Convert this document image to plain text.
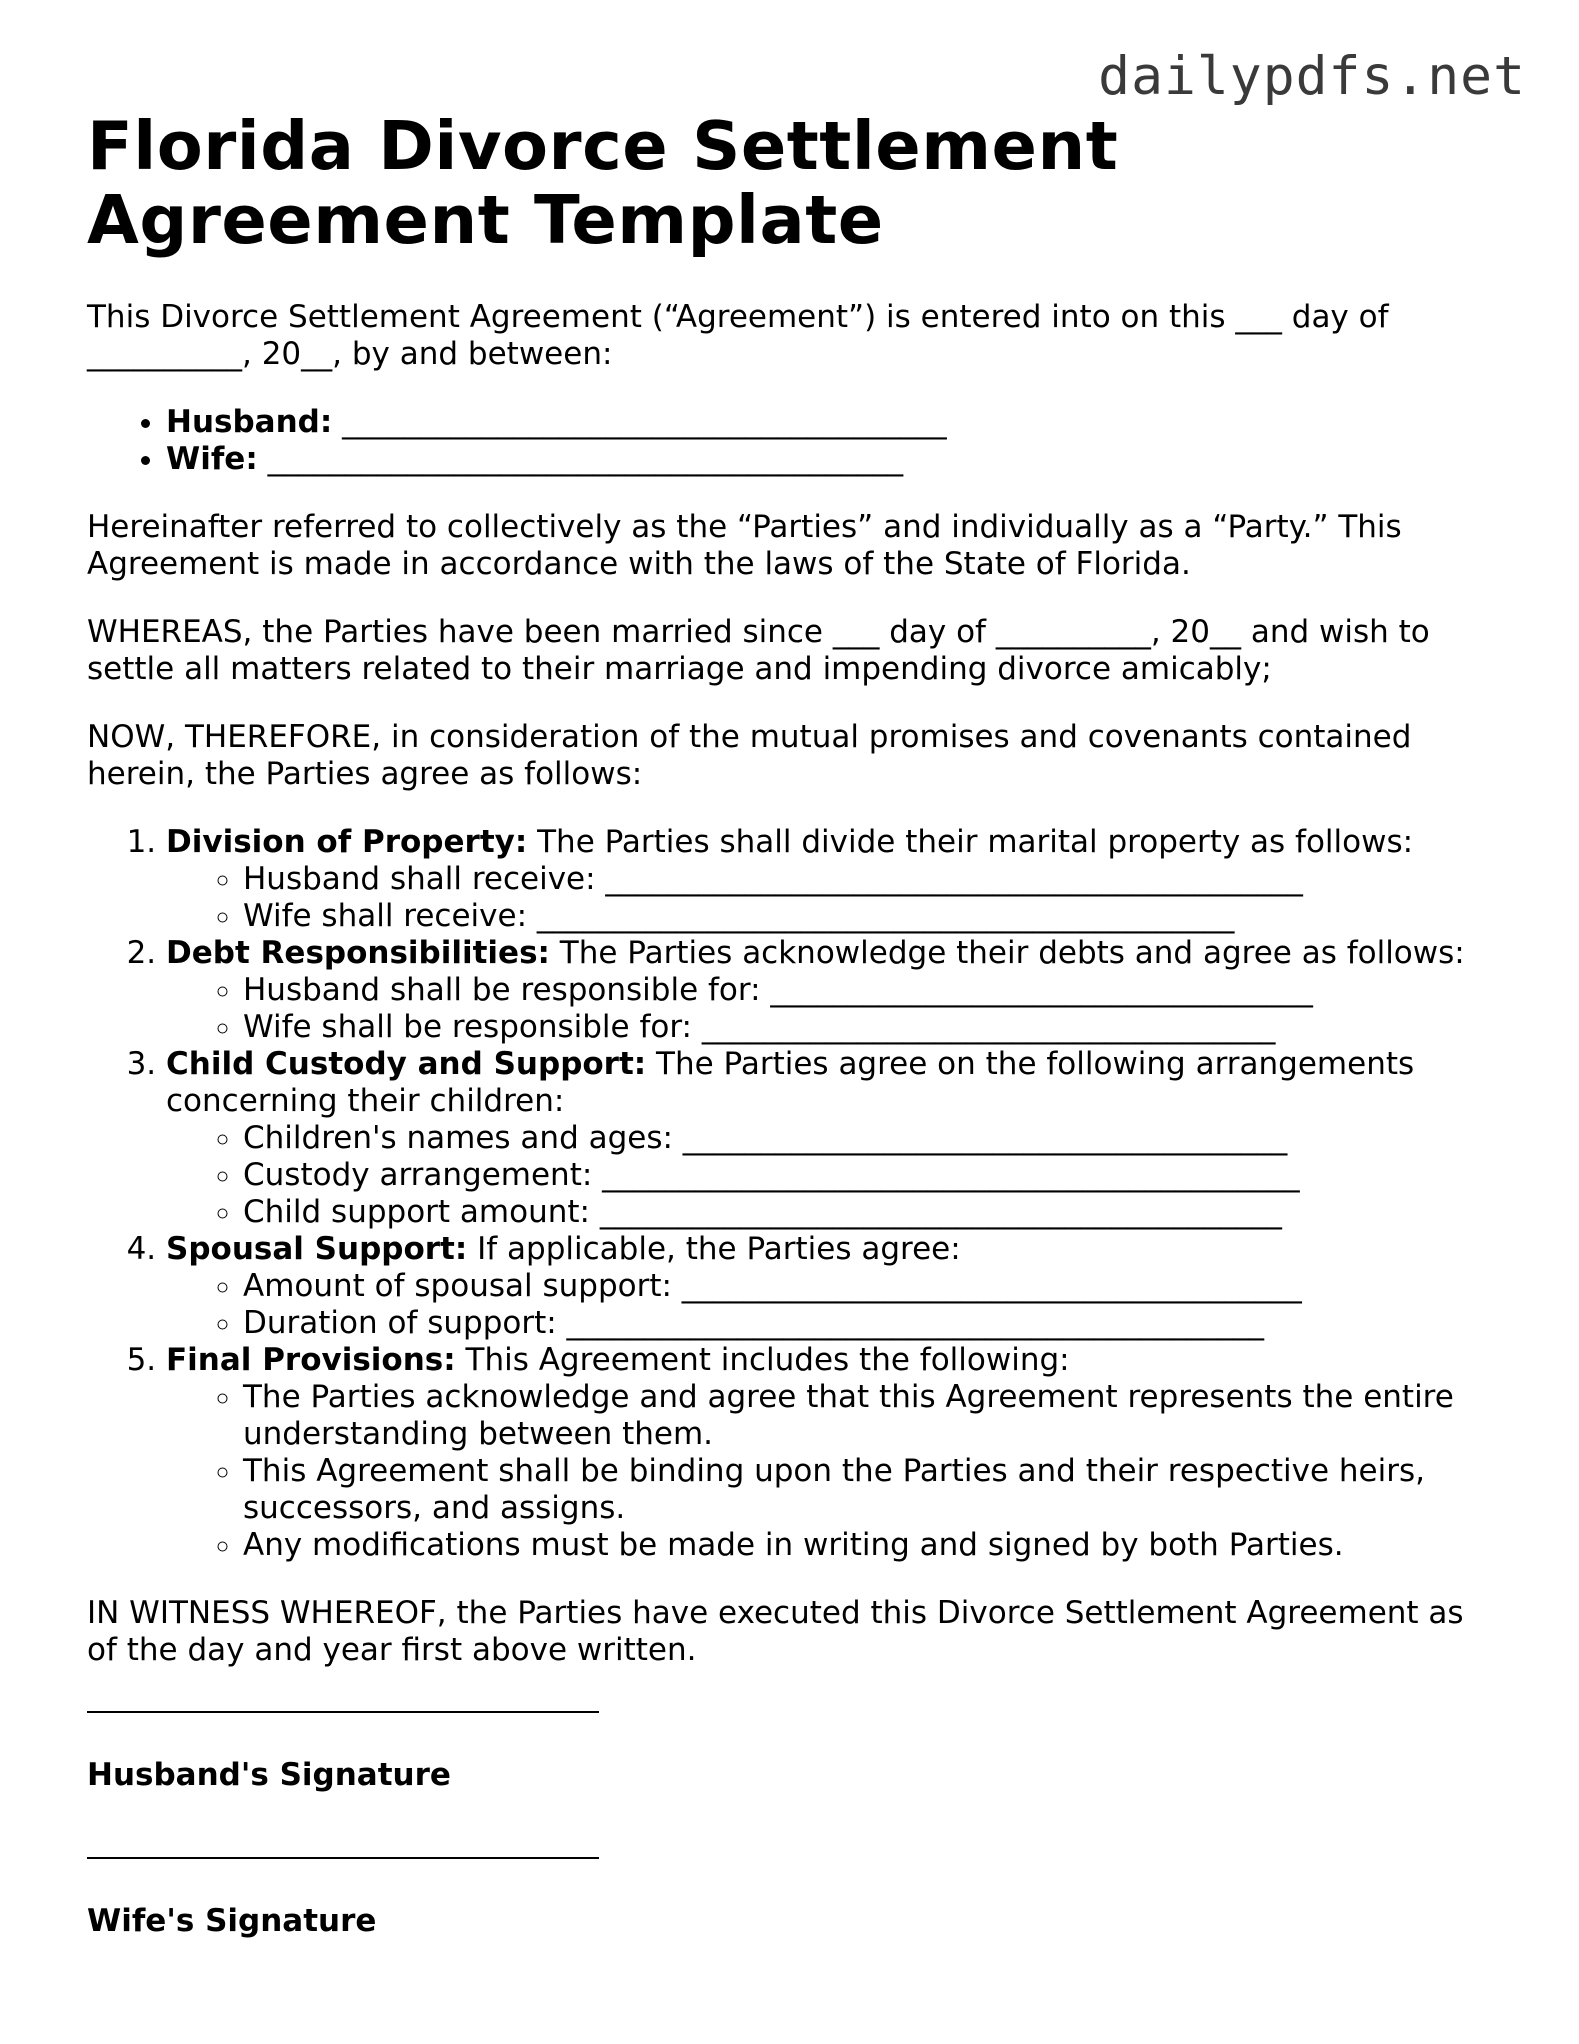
dailypdfs.net
Florida Divorce Settlement Agreement Template

This Divorce Settlement Agreement (“Agreement”) is entered into on this ___ day of __________, 20__, by and between:

• Husband: _______________________________________
• Wife: _________________________________________

Hereinafter referred to collectively as the “Parties” and individually as a “Party.” This Agreement is made in accordance with the laws of the State of Florida.

WHEREAS, the Parties have been married since ___ day of __________, 20__ and wish to settle all matters related to their marriage and impending divorce amicably;

NOW, THEREFORE, in consideration of the mutual promises and covenants contained herein, the Parties agree as follows:

1. Division of Property: The Parties shall divide their marital property as follows:
◦ Husband shall receive: _____________________________________________
◦ Wife shall receive: _____________________________________________
2. Debt Responsibilities: The Parties acknowledge their debts and agree as follows:
◦ Husband shall be responsible for: ___________________________________
◦ Wife shall be responsible for: _____________________________________
3. Child Custody and Support: The Parties agree on the following arrangements concerning their children:
◦ Children's names and ages: _______________________________________
◦ Custody arrangement: _____________________________________________
◦ Child support amount: ____________________________________________
4. Spousal Support: If applicable, the Parties agree:
◦ Amount of spousal support: ________________________________________
◦ Duration of support: _____________________________________________
5. Final Provisions: This Agreement includes the following:
◦ The Parties acknowledge and agree that this Agreement represents the entire understanding between them.
◦ This Agreement shall be binding upon the Parties and their respective heirs, successors, and assigns.
◦ Any modifications must be made in writing and signed by both Parties.

IN WITNESS WHEREOF, the Parties have executed this Divorce Settlement Agreement as of the day and year first above written.

Husband's Signature
Wife's Signature
